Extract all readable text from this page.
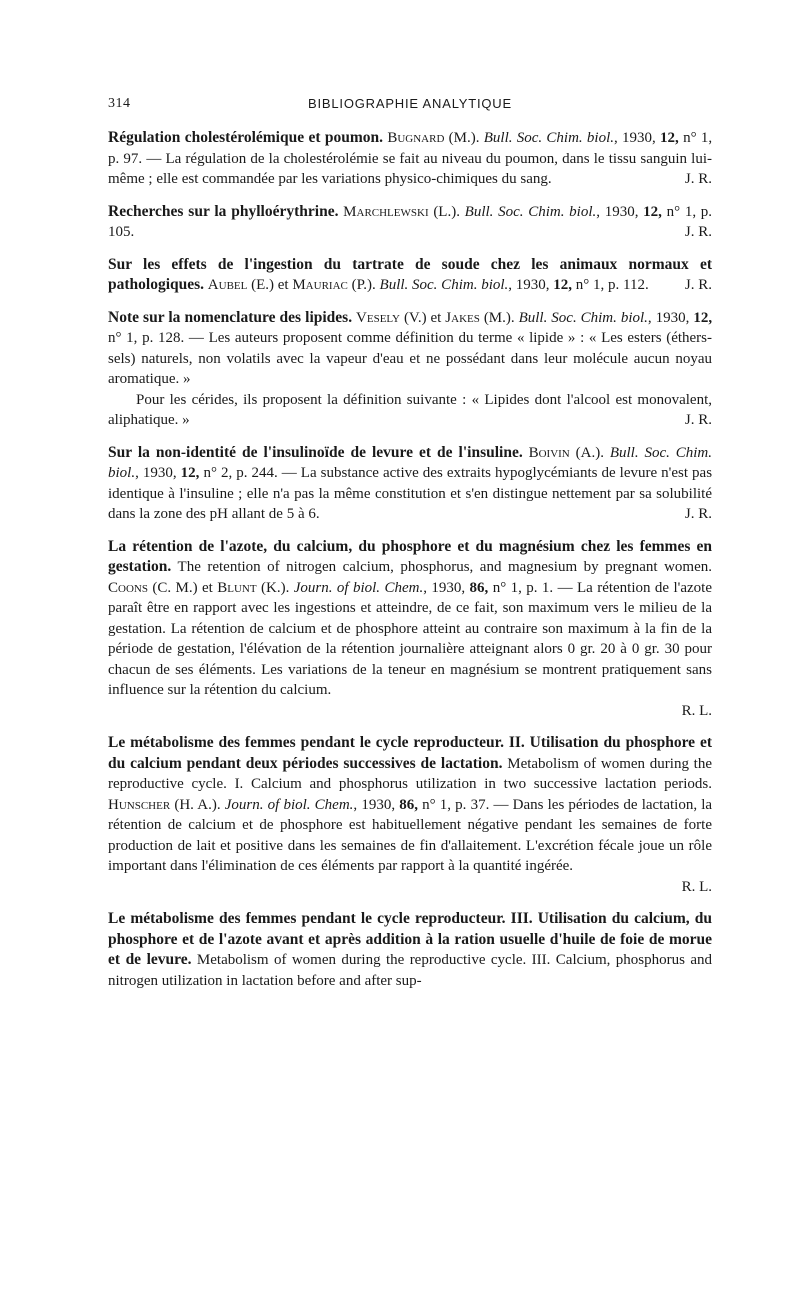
314	BIBLIOGRAPHIE ANALYTIQUE

Régulation cholestérolémique et poumon. Bugnard (M.). Bull. Soc. Chim. biol., 1930, 12, n° 1, p. 97. — La régulation de la cholestérolémie se fait au niveau du poumon, dans le tissu sanguin lui-même ; elle est commandée par les variations physico-chimiques du sang.	J. R.

Recherches sur la phylloérythrine. Marchlewski (L.). Bull. Soc. Chim. biol., 1930, 12, n° 1, p. 105.	J. R.

Sur les effets de l'ingestion du tartrate de soude chez les animaux normaux et pathologiques. Aubel (E.) et Mauriac (P.). Bull. Soc. Chim. biol., 1930, 12, n° 1, p. 112. J. R.

Note sur la nomenclature des lipides. Vesely (V.) et Jakes (M.). Bull. Soc. Chim. biol., 1930, 12, n° 1, p. 128. — Les auteurs proposent comme définition du terme « lipide » : « Les esters (éthers-sels) naturels, non volatils avec la vapeur d'eau et ne possédant dans leur molécule aucun noyau aromatique. »

Pour les cérides, ils proposent la définition suivante : « Lipides dont l'alcool est monovalent, aliphatique. »	J. R.

Sur la non-identité de l'insulinoïde de levure et de l'insuline. Boivin (A.). Bull. Soc. Chim. biol., 1930, 12, n° 2, p. 244. — La substance active des extraits hypoglycémiants de levure n'est pas identique à l'insuline ; elle n'a pas la même constitution et s'en distingue nettement par sa solubilité dans la zone des pH allant de 5 à 6.	J. R.

La rétention de l'azote, du calcium, du phosphore et du magnésium chez les femmes en gestation. The retention of nitrogen calcium, phosphorus, and magnesium by pregnant women. Coons (C. M.) et Blunt (K.). Journ. of biol. Chem., 1930, 86, n° 1, p. 1. — La rétention de l'azote paraît être en rapport avec les ingestions et atteindre, de ce fait, son maximum vers le milieu de la gestation. La rétention de calcium et de phosphore atteint au contraire son maximum à la fin de la période de gestation, l'élévation de la rétention journalière atteignant alors 0 gr. 20 à 0 gr. 30 pour chacun de ses éléments. Les variations de la teneur en magnésium se montrent pratiquement sans influence sur la rétention du calcium.

R. L.

Le métabolisme des femmes pendant le cycle reproducteur. II. Utilisation du phosphore et du calcium pendant deux périodes successives de lactation. Metabolism of women during the reproductive cycle. I. Calcium and phosphorus utilization in two successive lactation periods. Hunscher (H. A.). Journ. of biol. Chem., 1930, 86, n° 1, p. 37. — Dans les périodes de lactation, la rétention de calcium et de phosphore est habituellement négative pendant les semaines de forte production de lait et positive dans les semaines de fin d'allaitement. L'excrétion fécale joue un rôle important dans l'élimination de ces éléments par rapport à la quantité ingérée.

R. L.

Le métabolisme des femmes pendant le cycle reproducteur. III. Utilisation du calcium, du phosphore et de l'azote avant et après addition à la ration usuelle d'huile de foie de morue et de levure. Metabolism of women during the reproductive cycle. III. Calcium, phosphorus and nitrogen utilization in lactation before and after sup-
